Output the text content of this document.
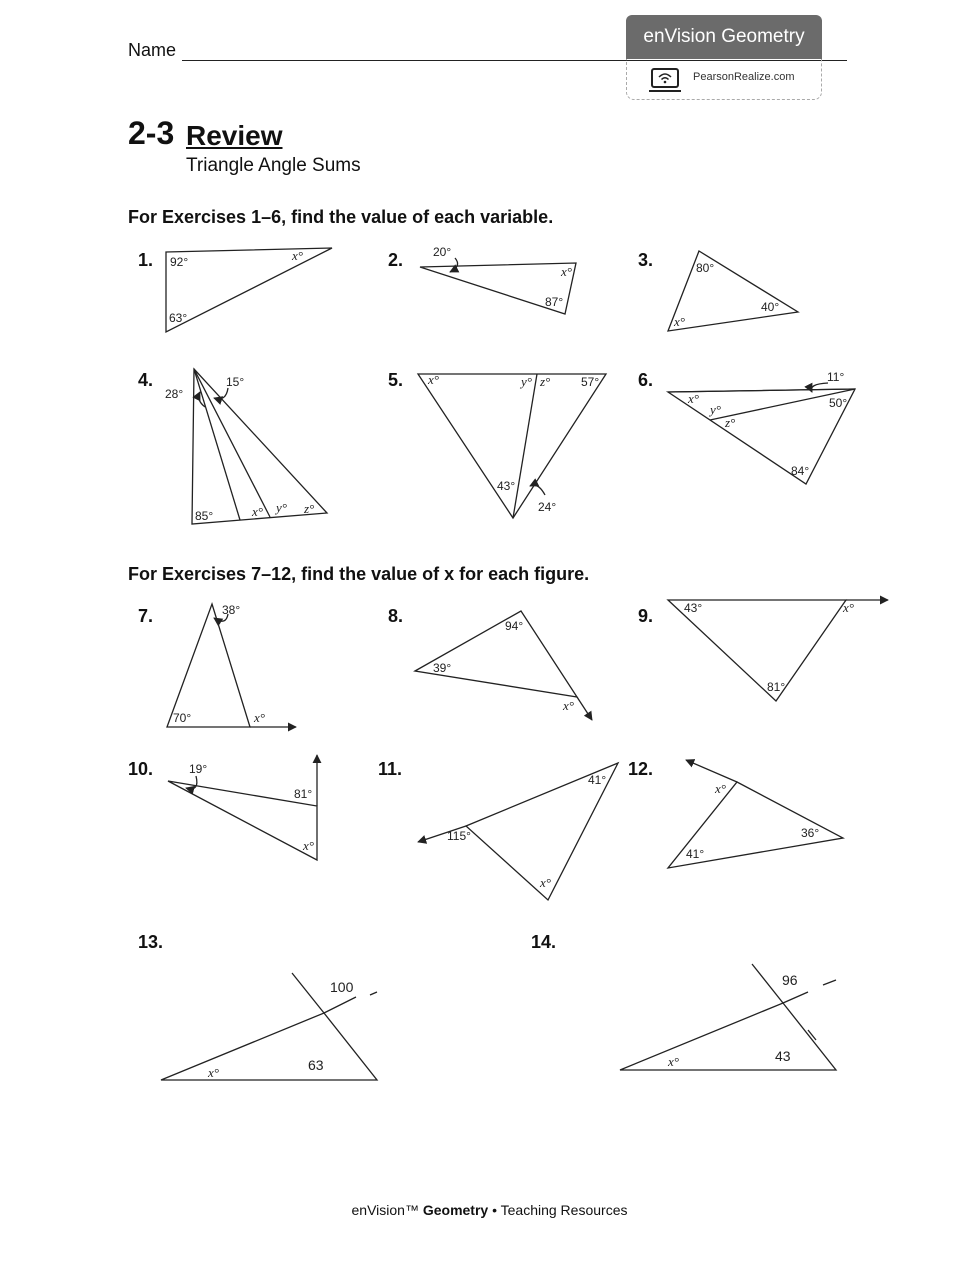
Name
enVision Geometry
PearsonRealize.com
2-3 Review
Triangle Angle Sums
For Exercises 1–6, find the value of each variable.
For Exercises 7–12, find the value of x for each figure.
1.	2.	3.
4.	5.	6.
7.	8.	9.
10.	11.	12.
13.	14.
92°	x°
63°
20°
x°
87°
80°
40°
x°
28°
15°
85°	x° y° z°
x°	y° z°	57°
43°
24°
11°
x°	50°
y°
z°
84°
38°
70°	x°
94°
39°
x°
43°	x°
81°
19°
81°
x°
41°
115°
x°
x°
36°
41°
100
x°	63
96
x°	43
enVision™ Geometry • Teaching Resources
